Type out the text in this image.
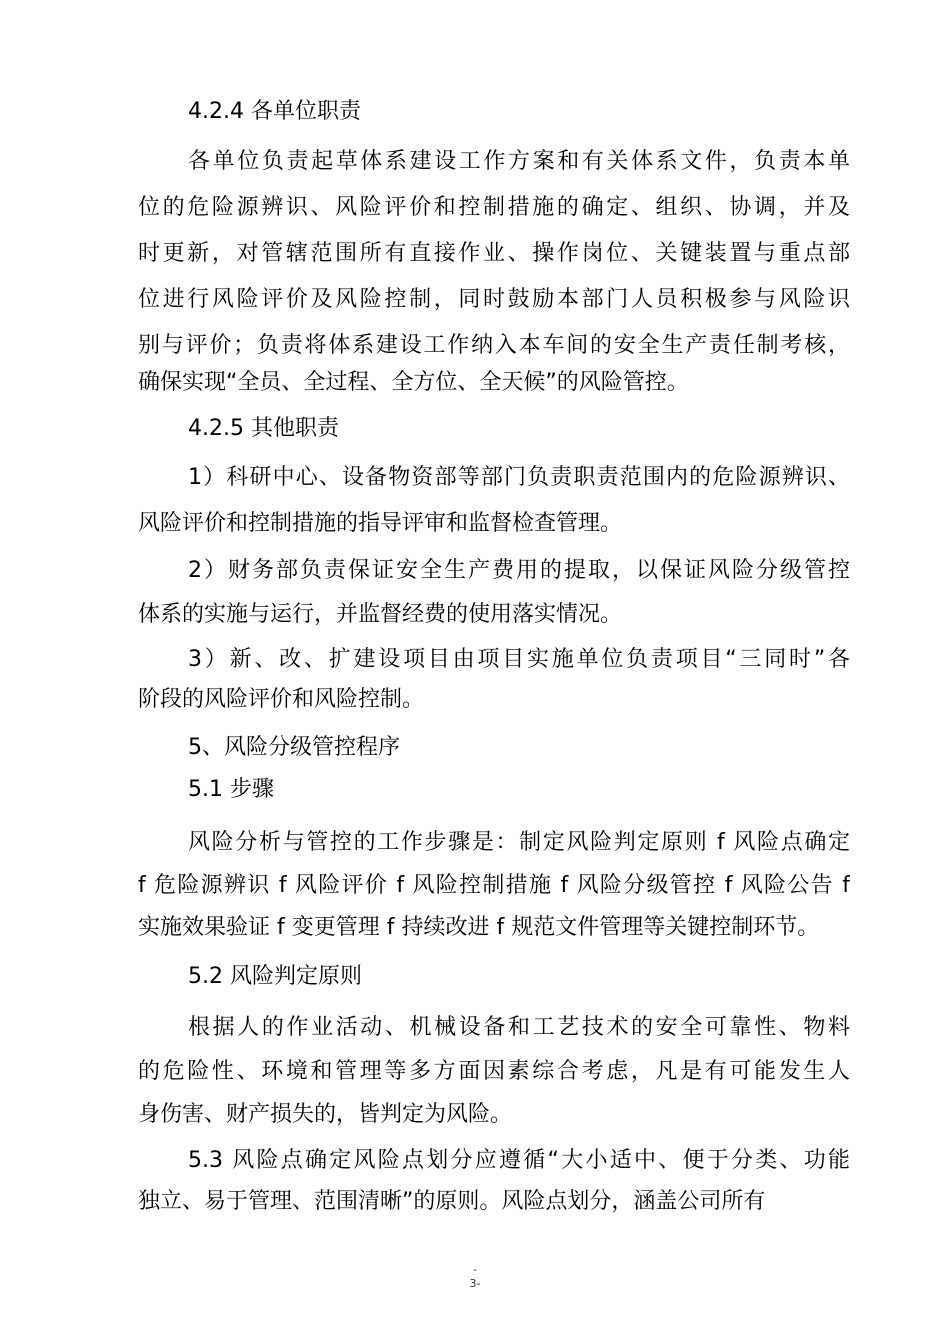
4.2.4 各单位职责
各单位负责起草体系建设工作方案和有关体系文件，负责本单
位的危险源辨识、风险评价和控制措施的确定、组织、协调，并及
时更新，对管辖范围所有直接作业、操作岗位、关键装置与重点部
位进行风险评价及风险控制，同时鼓励本部门人员积极参与风险识
别与评价；负责将体系建设工作纳入本车间的安全生产责任制考核，
确保实现“全员、全过程、全方位、全天候”的风险管控。
4.2.5 其他职责
1）科研中心、设备物资部等部门负责职责范围内的危险源辨识、
风险评价和控制措施的指导评审和监督检查管理。
2）财务部负责保证安全生产费用的提取，以保证风险分级管控
体系的实施与运行，并监督经费的使用落实情况。
3）新、改、扩建设项目由项目实施单位负责项目“三同时”各
阶段的风险评价和风险控制。
5、风险分级管控程序
5.1 步骤
风险分析与管控的工作步骤是：制定风险判定原则 f 风险点确定
f 危险源辨识 f 风险评价 f 风险控制措施 f 风险分级管控 f 风险公告 f
实施效果验证 f 变更管理 f 持续改进 f 规范文件管理等关键控制环节。
5.2 风险判定原则
根据人的作业活动、机械设备和工艺技术的安全可靠性、物料
的危险性、环境和管理等多方面因素综合考虑，凡是有可能发生人
身伤害、财产损失的，皆判定为风险。
5.3 风险点确定风险点划分应遵循“大小适中、便于分类、功能
独立、易于管理、范围清晰”的原则。风险点划分，涵盖公司所有
-
3-
